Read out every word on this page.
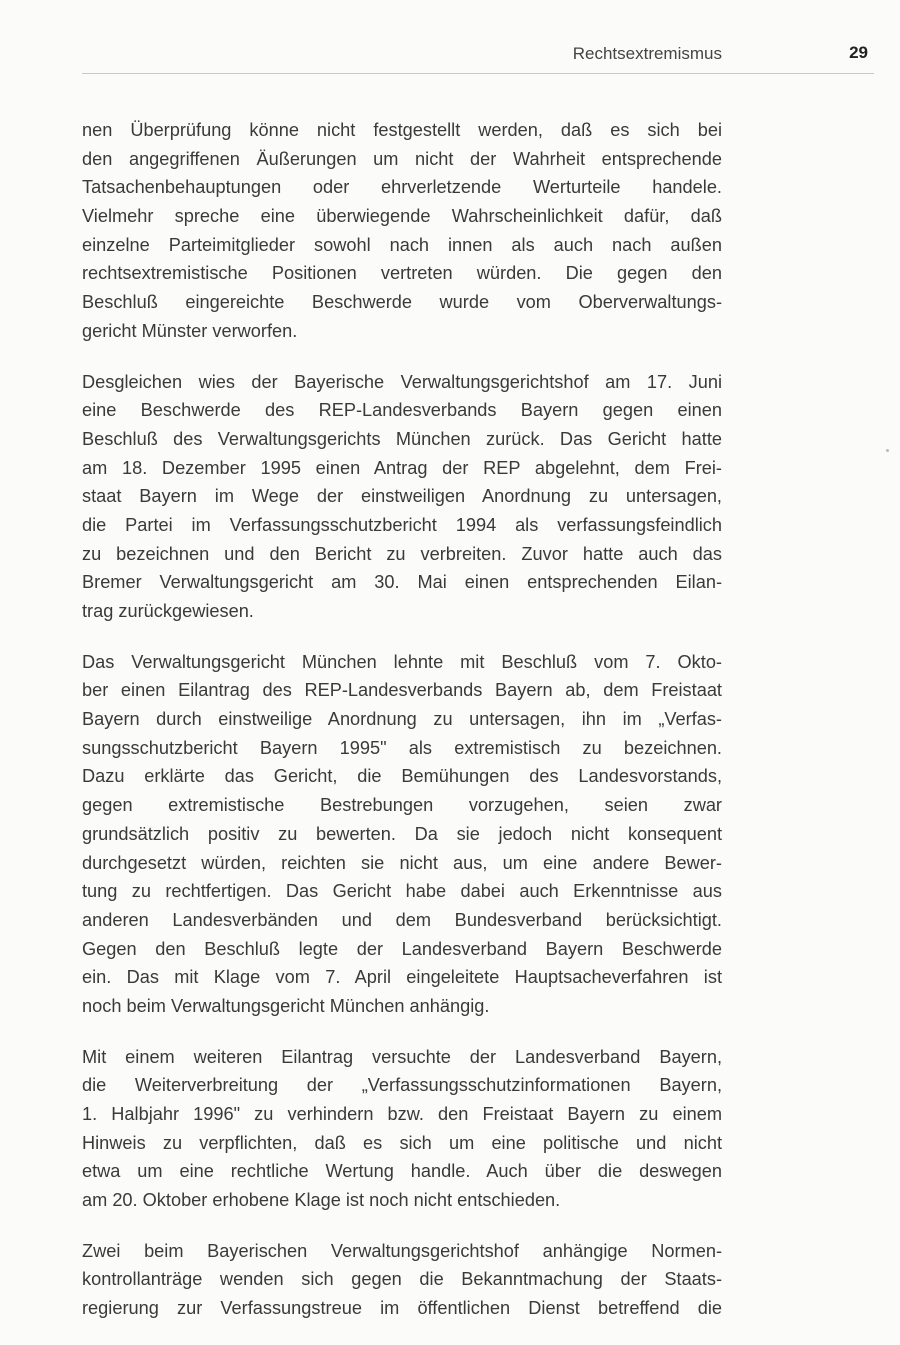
Rechtsextremismus	29
nen Überprüfung könne nicht festgestellt werden, daß es sich bei
den angegriffenen Äußerungen um nicht der Wahrheit entsprechende
Tatsachenbehauptungen oder ehrverletzende Werturteile handele.
Vielmehr spreche eine überwiegende Wahrscheinlichkeit dafür, daß
einzelne Parteimitglieder sowohl nach innen als auch nach außen
rechtsextremistische Positionen vertreten würden. Die gegen den
Beschluß eingereichte Beschwerde wurde vom Oberverwaltungs-
gericht Münster verworfen.
Desgleichen wies der Bayerische Verwaltungsgerichtshof am 17. Juni
eine Beschwerde des REP-Landesverbands Bayern gegen einen
Beschluß des Verwaltungsgerichts München zurück. Das Gericht hatte
am 18. Dezember 1995 einen Antrag der REP abgelehnt, dem Frei-
staat Bayern im Wege der einstweiligen Anordnung zu untersagen,
die Partei im Verfassungsschutzbericht 1994 als verfassungsfeindlich
zu bezeichnen und den Bericht zu verbreiten. Zuvor hatte auch das
Bremer Verwaltungsgericht am 30. Mai einen entsprechenden Eilan-
trag zurückgewiesen.
Das Verwaltungsgericht München lehnte mit Beschluß vom 7. Okto-
ber einen Eilantrag des REP-Landesverbands Bayern ab, dem Freistaat
Bayern durch einstweilige Anordnung zu untersagen, ihn im „Verfas-
sungsschutzbericht Bayern 1995" als extremistisch zu bezeichnen.
Dazu erklärte das Gericht, die Bemühungen des Landesvorstands,
gegen extremistische Bestrebungen vorzugehen, seien zwar
grundsätzlich positiv zu bewerten. Da sie jedoch nicht konsequent
durchgesetzt würden, reichten sie nicht aus, um eine andere Bewer-
tung zu rechtfertigen. Das Gericht habe dabei auch Erkenntnisse aus
anderen Landesverbänden und dem Bundesverband berücksichtigt.
Gegen den Beschluß legte der Landesverband Bayern Beschwerde
ein. Das mit Klage vom 7. April eingeleitete Hauptsacheverfahren ist
noch beim Verwaltungsgericht München anhängig.
Mit einem weiteren Eilantrag versuchte der Landesverband Bayern,
die Weiterverbreitung der „Verfassungsschutzinformationen Bayern,
1. Halbjahr 1996" zu verhindern bzw. den Freistaat Bayern zu einem
Hinweis zu verpflichten, daß es sich um eine politische und nicht
etwa um eine rechtliche Wertung handle. Auch über die deswegen
am 20. Oktober erhobene Klage ist noch nicht entschieden.
Zwei beim Bayerischen Verwaltungsgerichtshof anhängige Normen-
kontrollanträge wenden sich gegen die Bekanntmachung der Staats-
regierung zur Verfassungstreue im öffentlichen Dienst betreffend die
